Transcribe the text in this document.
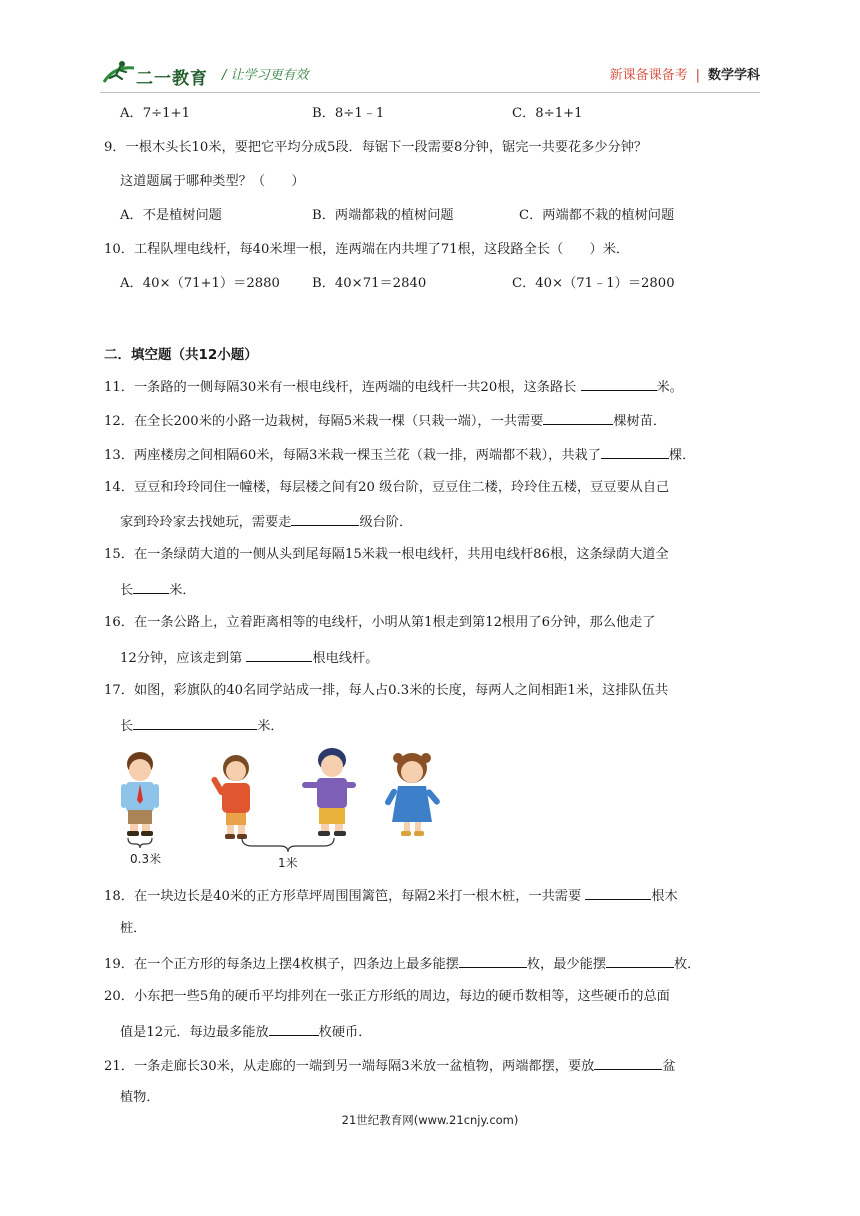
二一教育 / 让学习更有效	新课备课备考 | 数学学科
A．7÷1+1	B．8÷1﹣1	C．8÷1+1
9．一根木头长10米，要把它平均分成5段．每锯下一段需要8分钟，锯完一共要花多少分钟？
这道题属于哪种类型？（　　）
A．不是植树问题	B．两端都栽的植树问题	C．两端都不栽的植树问题
10．工程队埋电线杆，每40米埋一根，连两端在内共埋了71根，这段路全长（　　）米．
A．40×（71+1）＝2880 B．40×71＝2840	C．40×（71﹣1）＝2800
二．填空题（共12小题）
11．一条路的一侧每隔30米有一根电线杆，连两端的电线杆一共20根，这条路长	米。
12．在全长200米的小路一边栽树，每隔5米栽一棵（只栽一端），一共需要	棵树苗．
13．两座楼房之间相隔60米，每隔3米栽一棵玉兰花（栽一排，两端都不栽），共栽了	棵．
14．豆豆和玲玲同住一幢楼，每层楼之间有20 级台阶，豆豆住二楼，玲玲住五楼，豆豆要从自己
家到玲玲家去找她玩，需要走	级台阶．
15．在一条绿荫大道的一侧从头到尾每隔15米栽一根电线杆，共用电线杆86根，这条绿荫大道全
长	米．
16．在一条公路上，立着距离相等的电线杆，小明从第1根走到第12根用了6分钟，那么他走了
12分钟，应该走到第	根电线杆。
17．如图，彩旗队的40名同学站成一排，每人占0.3米的长度，每两人之间相距1米，这排队伍共
长	米．
0.3米	1米
18．在一块边长是40米的正方形草坪周围围篱笆，每隔2米打一根木桩，一共需要	根木
桩．
19．在一个正方形的每条边上摆4枚棋子，四条边上最多能摆	枚，最少能摆	枚．
20．小东把一些5角的硬币平均排列在一张正方形纸的周边，每边的硬币数相等，这些硬币的总面
值是12元．每边最多能放	枚硬币．
21．一条走廊长30米，从走廊的一端到另一端每隔3米放一盆植物，两端都摆，要放	盆
植物．
21世纪教育网(www.21cnjy.com)
